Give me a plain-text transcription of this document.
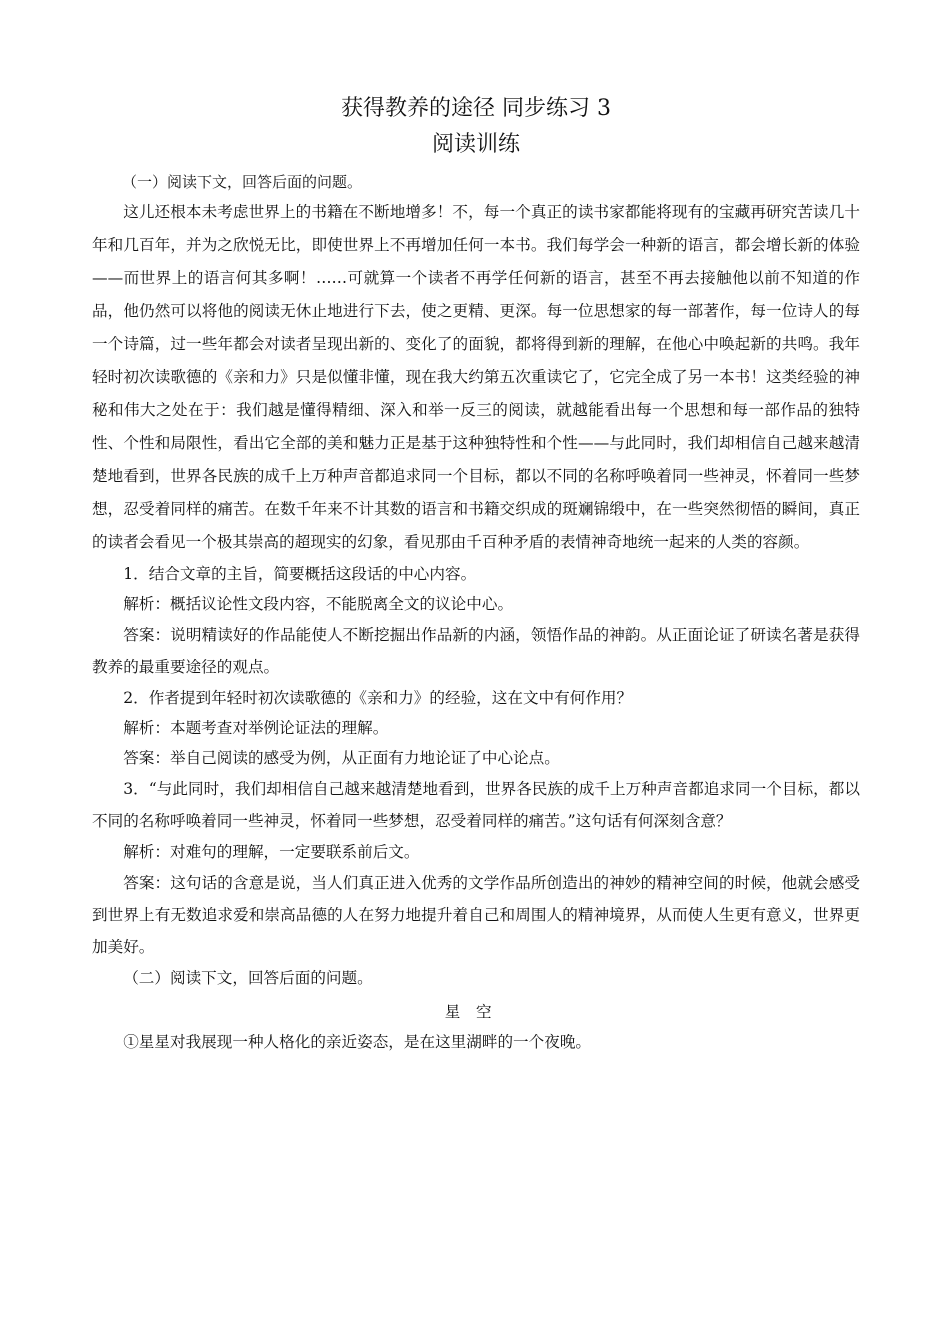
获得教养的途径 同步练习 3
阅读训练

（一）阅读下文，回答后面的问题。

这儿还根本未考虑世界上的书籍在不断地增多！不，每一个真正的读书家都能将现有的宝藏再研究苦读几十年和几百年，并为之欣悦无比，即使世界上不再增加任何一本书。我们每学会一种新的语言，都会增长新的体验——而世界上的语言何其多啊！……可就算一个读者不再学任何新的语言，甚至不再去接触他以前不知道的作品，他仍然可以将他的阅读无休止地进行下去，使之更精、更深。每一位思想家的每一部著作，每一位诗人的每一个诗篇，过一些年都会对读者呈现出新的、变化了的面貌，都将得到新的理解，在他心中唤起新的共鸣。我年轻时初次读歌德的《亲和力》只是似懂非懂，现在我大约第五次重读它了，它完全成了另一本书！这类经验的神秘和伟大之处在于：我们越是懂得精细、深入和举一反三的阅读，就越能看出每一个思想和每一部作品的独特性、个性和局限性，看出它全部的美和魅力正是基于这种独特性和个性——与此同时，我们却相信自己越来越清楚地看到，世界各民族的成千上万种声音都追求同一个目标，都以不同的名称呼唤着同一些神灵，怀着同一些梦想，忍受着同样的痛苦。在数千年来不计其数的语言和书籍交织成的斑斓锦缎中，在一些突然彻悟的瞬间，真正的读者会看见一个极其崇高的超现实的幻象，看见那由千百种矛盾的表情神奇地统一起来的人类的容颜。

1．结合文章的主旨，简要概括这段话的中心内容。

解析：概括议论性文段内容，不能脱离全文的议论中心。

答案：说明精读好的作品能使人不断挖掘出作品新的内涵，领悟作品的神韵。从正面论证了研读名著是获得教养的最重要途径的观点。

2．作者提到年轻时初次读歌德的《亲和力》的经验，这在文中有何作用？

解析：本题考查对举例论证法的理解。

答案：举自己阅读的感受为例，从正面有力地论证了中心论点。

3．“与此同时，我们却相信自己越来越清楚地看到，世界各民族的成千上万种声音都追求同一个目标，都以不同的名称呼唤着同一些神灵，怀着同一些梦想，忍受着同样的痛苦。”这句话有何深刻含意？

解析：对难句的理解，一定要联系前后文。

答案：这句话的含意是说，当人们真正进入优秀的文学作品所创造出的神妙的精神空间的时候，他就会感受到世界上有无数追求爱和崇高品德的人在努力地提升着自己和周围人的精神境界，从而使人生更有意义，世界更加美好。

（二）阅读下文，回答后面的问题。

星空

①星星对我展现一种人格化的亲近姿态，是在这里湖畔的一个夜晚。
